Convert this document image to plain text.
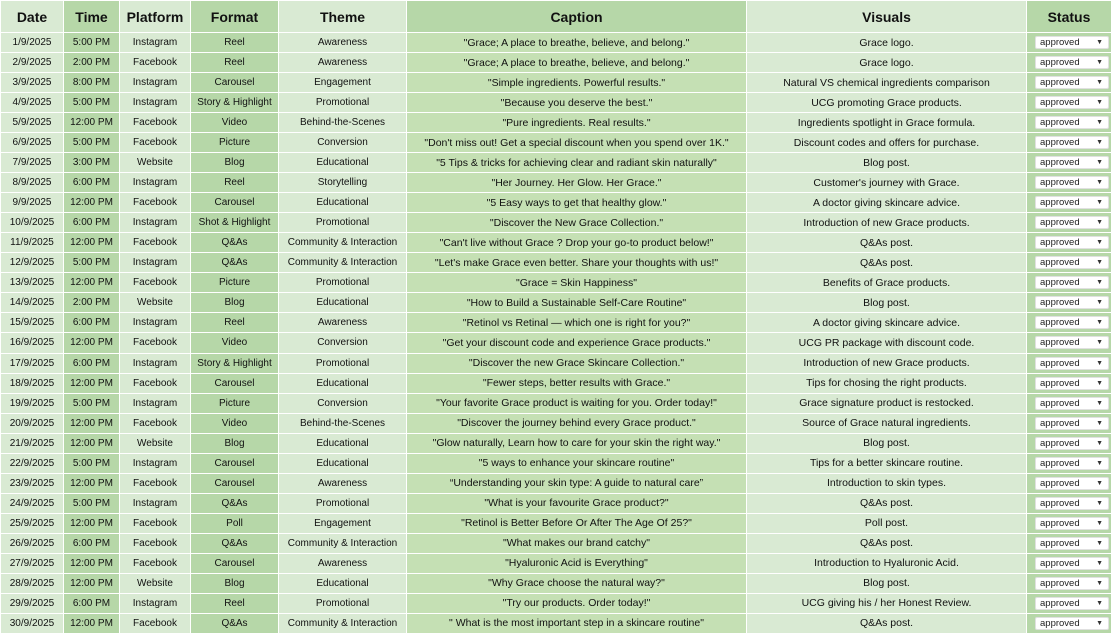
Date	Time	Platform	Format	Theme	Caption	Visuals	Status
1/9/2025	5:00 PM	Instagram	Reel	Awareness	"Grace; A place to breathe, believe, and belong."	Grace logo.	approved ▼

2/9/2025	2:00 PM	Facebook	Reel	Awareness	"Grace; A place to breathe, believe, and belong."	Grace logo.	approved ▼

3/9/2025	8:00 PM	Instagram	Carousel	Engagement	"Simple ingredients. Powerful results."	Natural VS chemical ingredients comparison	approved ▼

4/9/2025	5:00 PM	Instagram	Story & Highlight	Promotional	"Because you deserve the best."	UCG promoting Grace products.	approved ▼

5/9/2025	12:00 PM	Facebook	Video	Behind-the-Scenes	"Pure ingredients. Real results."	Ingredients spotlight in Grace formula.	approved ▼

6/9/2025	5:00 PM	Facebook	Picture	Conversion	"Don't miss out! Get a special discount when you spend over 1K."	Discount codes and offers for purchase.	approved ▼

7/9/2025	3:00 PM	Website	Blog	Educational	"5 Tips & tricks for achieving clear and radiant skin naturally"	Blog post.	approved ▼

8/9/2025	6:00 PM	Instagram	Reel	Storytelling	"Her Journey. Her Glow. Her Grace."	Customer's journey with Grace.	approved ▼

9/9/2025	12:00 PM	Facebook	Carousel	Educational	"5 Easy ways to get that healthy glow."	A doctor giving skincare advice.	approved ▼

10/9/2025	6:00 PM	Instagram	Shot & Highlight	Promotional	"Discover the New Grace Collection."	Introduction of new Grace products.	approved ▼

11/9/2025	12:00 PM	Facebook	Q&As	Community & Interaction	"Can't live without Grace ? Drop your go-to product below!"	Q&As post.	approved ▼

12/9/2025	5:00 PM	Instagram	Q&As	Community & Interaction	"Let's make Grace even better. Share your thoughts with us!"	Q&As post.	approved ▼

13/9/2025	12:00 PM	Facebook	Picture	Promotional	"Grace = Skin Happiness"	Benefits of Grace products.	approved ▼

14/9/2025	2:00 PM	Website	Blog	Educational	"How to Build a Sustainable Self-Care Routine"	Blog post.	approved ▼

15/9/2025	6:00 PM	Instagram	Reel	Awareness	"Retinol vs Retinal — which one is right for you?"	A doctor giving skincare advice.	approved ▼

16/9/2025	12:00 PM	Facebook	Video	Conversion	"Get your discount code and experience Grace products."	UCG PR package with discount code.	approved ▼

17/9/2025	6:00 PM	Instagram	Story & Highlight	Promotional	"Discover the new Grace Skincare Collection."	Introduction of new Grace products.	approved ▼

18/9/2025	12:00 PM	Facebook	Carousel	Educational	"Fewer steps, better results with Grace."	Tips for chosing the right products.	approved ▼

19/9/2025	5:00 PM	Instagram	Picture	Conversion	"Your favorite Grace product is waiting for you. Order today!"	Grace signature product is restocked.	approved ▼

20/9/2025	12:00 PM	Facebook	Video	Behind-the-Scenes	"Discover the journey behind every Grace product."	Source of Grace natural ingredients.	approved ▼

21/9/2025	12:00 PM	Website	Blog	Educational	"Glow naturally, Learn how to care for your skin the right way."	Blog post.	approved ▼

22/9/2025	5:00 PM	Instagram	Carousel	Educational	"5 ways to enhance your skincare routine"	Tips for a better skincare routine.	approved ▼

23/9/2025	12:00 PM	Facebook	Carousel	Awareness	“Understanding your skin type: A guide to natural care”	Introduction to skin types.	approved ▼

24/9/2025	5:00 PM	Instagram	Q&As	Promotional	"What is your favourite Grace product?"	Q&As post.	approved ▼

25/9/2025	12:00 PM	Facebook	Poll	Engagement	"Retinol is Better Before Or After The Age Of 25?"	Poll post.	approved ▼

26/9/2025	6:00 PM	Facebook	Q&As	Community & Interaction	"What makes our brand catchy"	Q&As post.	approved ▼

27/9/2025	12:00 PM	Facebook	Carousel	Awareness	"Hyaluronic Acid is Everything"	Introduction to Hyaluronic Acid.	approved ▼

28/9/2025	12:00 PM	Website	Blog	Educational	"Why Grace choose the natural way?"	Blog post.	approved ▼

29/9/2025	6:00 PM	Instagram	Reel	Promotional	"Try our products. Order today!"	UCG giving his / her Honest Review.	approved ▼

30/9/2025	12:00 PM	Facebook	Q&As	Community & Interaction	" What is the most important step in a skincare routine"	Q&As post.	approved ▼
